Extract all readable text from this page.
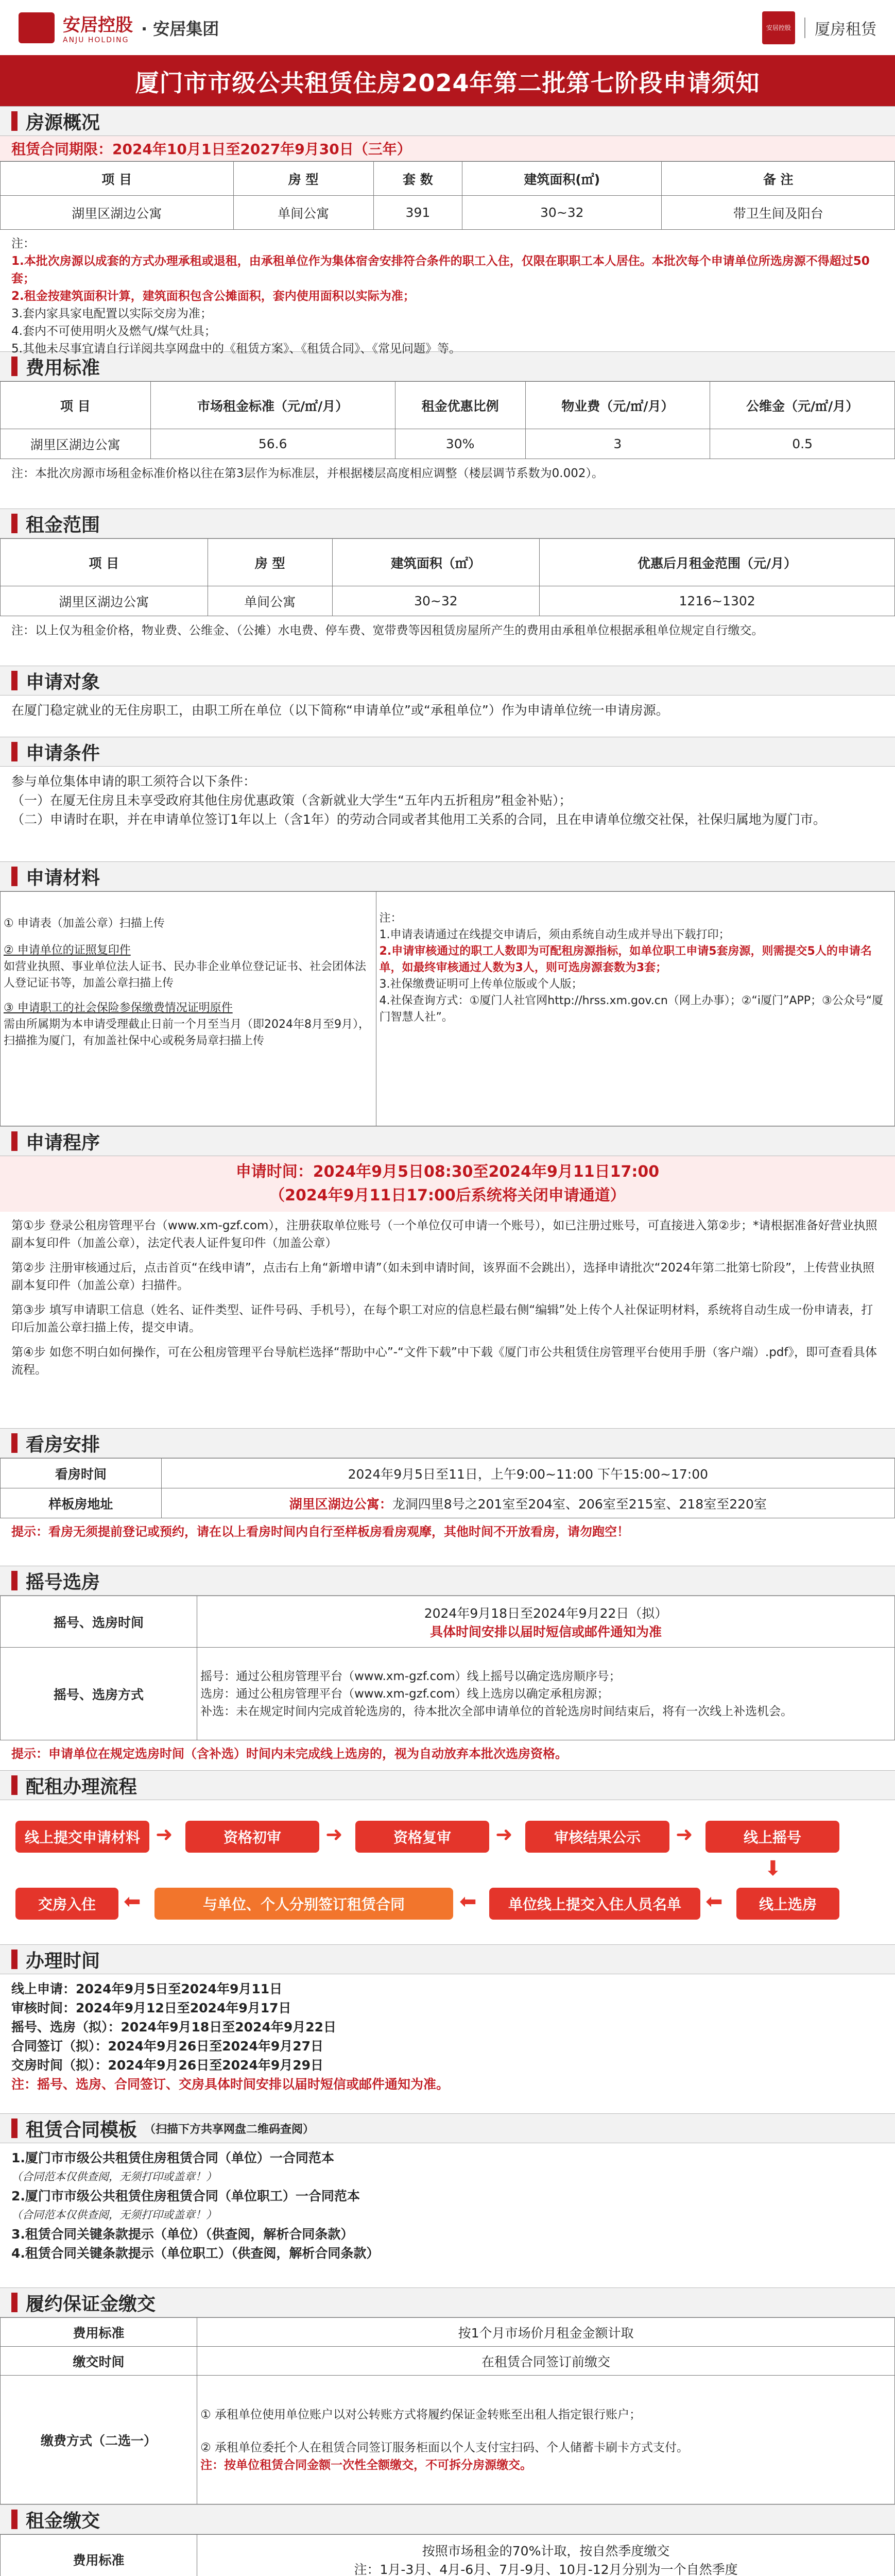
安居控股
ANJU HOLDING
· 安居集团	安居控股 厦房租赁
厦门市市级公共租赁住房2024年第二批第七阶段申请须知
房源概况
租赁合同期限：2024年10月1日至2027年9月30日（三年）
项 目	房 型	套 数	建筑面积(㎡)	备 注
湖里区湖边公寓	单间公寓	391	30~32	带卫生间及阳台
注：
1.本批次房源以成套的方式办理承租或退租，由承租单位作为集体宿舍安排符合条件的职工入住，仅限在职职工本人居住。本批次每个申请单位所选房源不得超过50套；
2.租金按建筑面积计算，建筑面积包含公摊面积，套内使用面积以实际为准；
3.套内家具家电配置以实际交房为准；
4.套内不可使用明火及燃气/煤气灶具；
5.其他未尽事宜请自行详阅共享网盘中的《租赁方案》、《租赁合同》、《常见问题》等。
费用标准
项 目	市场租金标准（元/㎡/月）	租金优惠比例	物业费（元/㎡/月）	公维金（元/㎡/月）
湖里区湖边公寓	56.6	30%	3	0.5
注：本批次房源市场租金标准价格以往在第3层作为标准层，并根据楼层高度相应调整（楼层调节系数为0.002）。
租金范围
项 目	房 型	建筑面积（㎡）	优惠后月租金范围（元/月）
湖里区湖边公寓	单间公寓	30~32	1216~1302
注：以上仅为租金价格，物业费、公维金、（公摊）水电费、停车费、宽带费等因租赁房屋所产生的费用由承租单位根据承租单位规定自行缴交。
申请对象
在厦门稳定就业的无住房职工，由职工所在单位（以下简称“申请单位”或“承租单位”）作为申请单位统一申请房源。
申请条件
参与单位集体申请的职工须符合以下条件：
（一）在厦无住房且未享受政府其他住房优惠政策（含新就业大学生“五年内五折租房”租金补贴）；
（二）申请时在职，并在申请单位签订1年以上（含1年）的劳动合同或者其他用工关系的合同，且在申请单位缴交社保，社保归属地为厦门市。
申请材料
① 申请表（加盖公章）扫描上传
② 申请单位的证照复印件
如营业执照、事业单位法人证书、民办非企业单位登记证书、社会团体法人登记证书等，加盖公章扫描上传
③ 申请职工的社会保险参保缴费情况证明原件
需由所属期为本申请受理截止日前一个月至当月（即2024年8月至9月），扫描推为厦门，有加盖社保中心或税务局章扫描上传

注：
1.申请表请通过在线提交申请后，须由系统自动生成并导出下载打印；
2.申请审核通过的职工人数即为可配租房源指标，如单位职工申请5套房源，则需提交5人的申请名单，如最终审核通过人数为3人，则可选房源套数为3套；
3.社保缴费证明可上传单位版或个人版；
4.社保查询方式：①厦门人社官网http://hrss.xm.gov.cn（网上办事）；②“i厦门”APP；③公众号“厦门智慧人社”。
申请程序
申请时间：2024年9月5日08:30至2024年9月11日17:00
（2024年9月11日17:00后系统将关闭申请通道）
第①步 登录公租房管理平台（www.xm-gzf.com），注册获取单位账号（一个单位仅可申请一个账号），如已注册过账号，可直接进入第②步；*请根据准备好营业执照副本复印件（加盖公章），法定代表人证件复印件（加盖公章）
第②步 注册审核通过后，点击首页“在线申请”，点击右上角“新增申请”（如未到申请时间，该界面不会跳出），选择申请批次“2024年第二批第七阶段”，上传营业执照副本复印件（加盖公章）扫描件。
第③步 填写申请职工信息（姓名、证件类型、证件号码、手机号），在每个职工对应的信息栏最右侧“编辑”处上传个人社保证明材料，系统将自动生成一份申请表，打印后加盖公章扫描上传，提交申请。
第④步 如您不明白如何操作，可在公租房管理平台导航栏选择“帮助中心”-“文件下载”中下载《厦门市公共租赁住房管理平台使用手册（客户端）.pdf》，即可查看具体流程。
看房安排
看房时间	2024年9月5日至11日，上午9:00~11:00 下午15:00~17:00
样板房地址	湖里区湖边公寓：龙洞四里8号之201室至204室、206室至215室、218室至220室
提示：看房无须提前登记或预约，请在以上看房时间内自行至样板房看房观摩，其他时间不开放看房，请勿跑空！
摇号选房
摇号、选房时间	2024年9月18日至2024年9月22日（拟）
具体时间安排以届时短信或邮件通知为准

摇号、选房方式	摇号：通过公租房管理平台（www.xm-gzf.com）线上摇号以确定选房顺序号；
选房：通过公租房管理平台（www.xm-gzf.com）线上选房以确定承租房源；
补选：未在规定时间内完成首轮选房的，待本批次全部申请单位的首轮选房时间结束后，将有一次线上补选机会。
提示：申请单位在规定选房时间（含补选）时间内未完成线上选房的，视为自动放弃本批次选房资格。
配租办理流程
线上提交申请材料 ➜	资格初审	➜	资格复审	➜	审核结果公示	➜	线上摇号
⬇
交房入住	⬅	与单位、个人分别签订租赁合同	⬅	单位线上提交入住人员名单	⬅	线上选房
办理时间
线上申请：2024年9月5日至2024年9月11日
审核时间：2024年9月12日至2024年9月17日
摇号、选房（拟）：2024年9月18日至2024年9月22日
合同签订（拟）：2024年9月26日至2024年9月27日
交房时间（拟）：2024年9月26日至2024年9月29日
注：摇号、选房、合同签订、交房具体时间安排以届时短信或邮件通知为准。
租赁合同模板 （扫描下方共享网盘二维码查阅）
1.厦门市市级公共租赁住房租赁合同（单位）一合同范本
（合同范本仅供查阅，无须打印或盖章！）
2.厦门市市级公共租赁住房租赁合同（单位职工）一合同范本
（合同范本仅供查阅，无须打印或盖章！）
3.租赁合同关键条款提示（单位）（供查阅，解析合同条款）
4.租赁合同关键条款提示（单位职工）（供查阅，解析合同条款）
履约保证金缴交
费用标准	按1个月市场价月租金金额计取
缴交时间	在租赁合同签订前缴交
缴费方式（二选一）	① 承租单位使用单位账户以对公转账方式将履约保证金转账至出租人指定银行账户；
② 承租单位委托个人在租赁合同签订服务柜面以个人支付宝扫码、个人储蓄卡刷卡方式支付。
注：按单位租赁合同金额一次性全额缴交，不可拆分房源缴交。
租金缴交
费用标准	按照市场租金的70%计取，按自然季度缴交
注：1月-3月、4月-6月、7月-9月、10月-12月分别为一个自然季度
